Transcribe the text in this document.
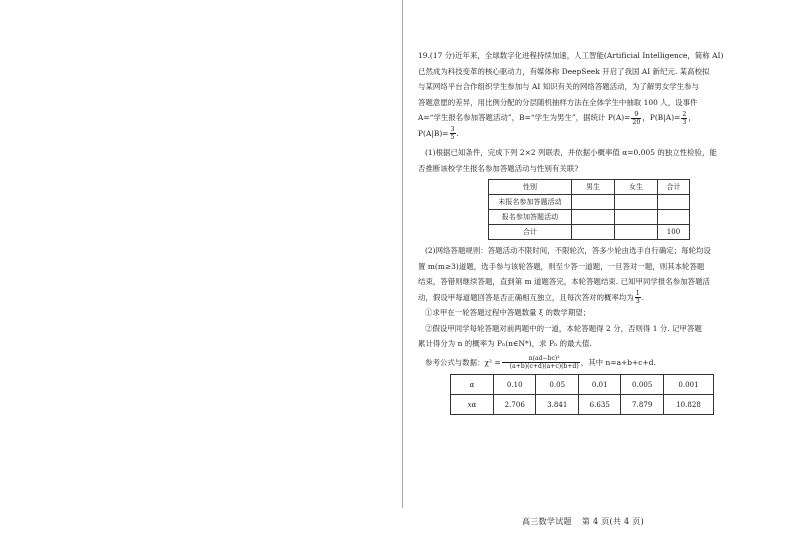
19.(17 分)近年来，全球数字化进程持续加速，人工智能(Artificial Intelligence，简称 AI)

已然成为科技变革的核心驱动力，有媒体称 DeepSeek 开启了我国 AI 新纪元. 某高校拟

与某网络平台合作组织学生参加与 AI 知识有关的网络答题活动，为了解男女学生参与

答题意愿的差异，用比例分配的分层随机抽样方法在全体学生中抽取 100 人，设事件

A=“学生报名参加答题活动”，B=“学生为男生”，据统计 $P(A)= \frac{9}{20}$ ，$P(B|A)= \frac{2}{3}$ ，

$P(A|B)= \frac{3}{5}$ .

(1)根据已知条件，完成下列 2×2 列联表，并依据小概率值 α=0.005 的独立性检验，能

否推断该校学生报名参加答题活动与性别有关联?

性别	男生	女生	合计
未报名参加答题活动			
报名参加答题活动			
合计			100

(2)网络答题规则：答题活动不限时间，不限轮次，答多少轮由选手自行确定；每轮均设

置 m(m≥3)道题，选手参与该轮答题，则至少答一道题，一旦答对一题，则其本轮答题

结束，答错则继续答题，直到第 m 道题答完，本轮答题结束. 已知甲同学报名参加答题活

动，假设甲每道题回答是否正确相互独立，且每次答对的概率均为 $\frac{1}{3}$ .

①求甲在一轮答题过程中答题数量 ξ 的数学期望；

②假设甲同学每轮答题对前两题中的一道，本轮答题得 2 分，否则得 1 分. 记甲答题

累计得分为 n 的概率为 Pₙ(n∈N*)，求 Pₙ 的最大值.

参考公式与数据：$\chi^2 = \frac{\text{n(ad−bc)²}}{(a+b)(c+d)(a+c)(b+d)}$ ，其中 n=a+b+c+d.

α	0.10	0.05	0.01	0.005	0.001
xα	2.706	3.841	6.635	7.879	10.828
高三数学试题 第 4 页(共 4 页)
